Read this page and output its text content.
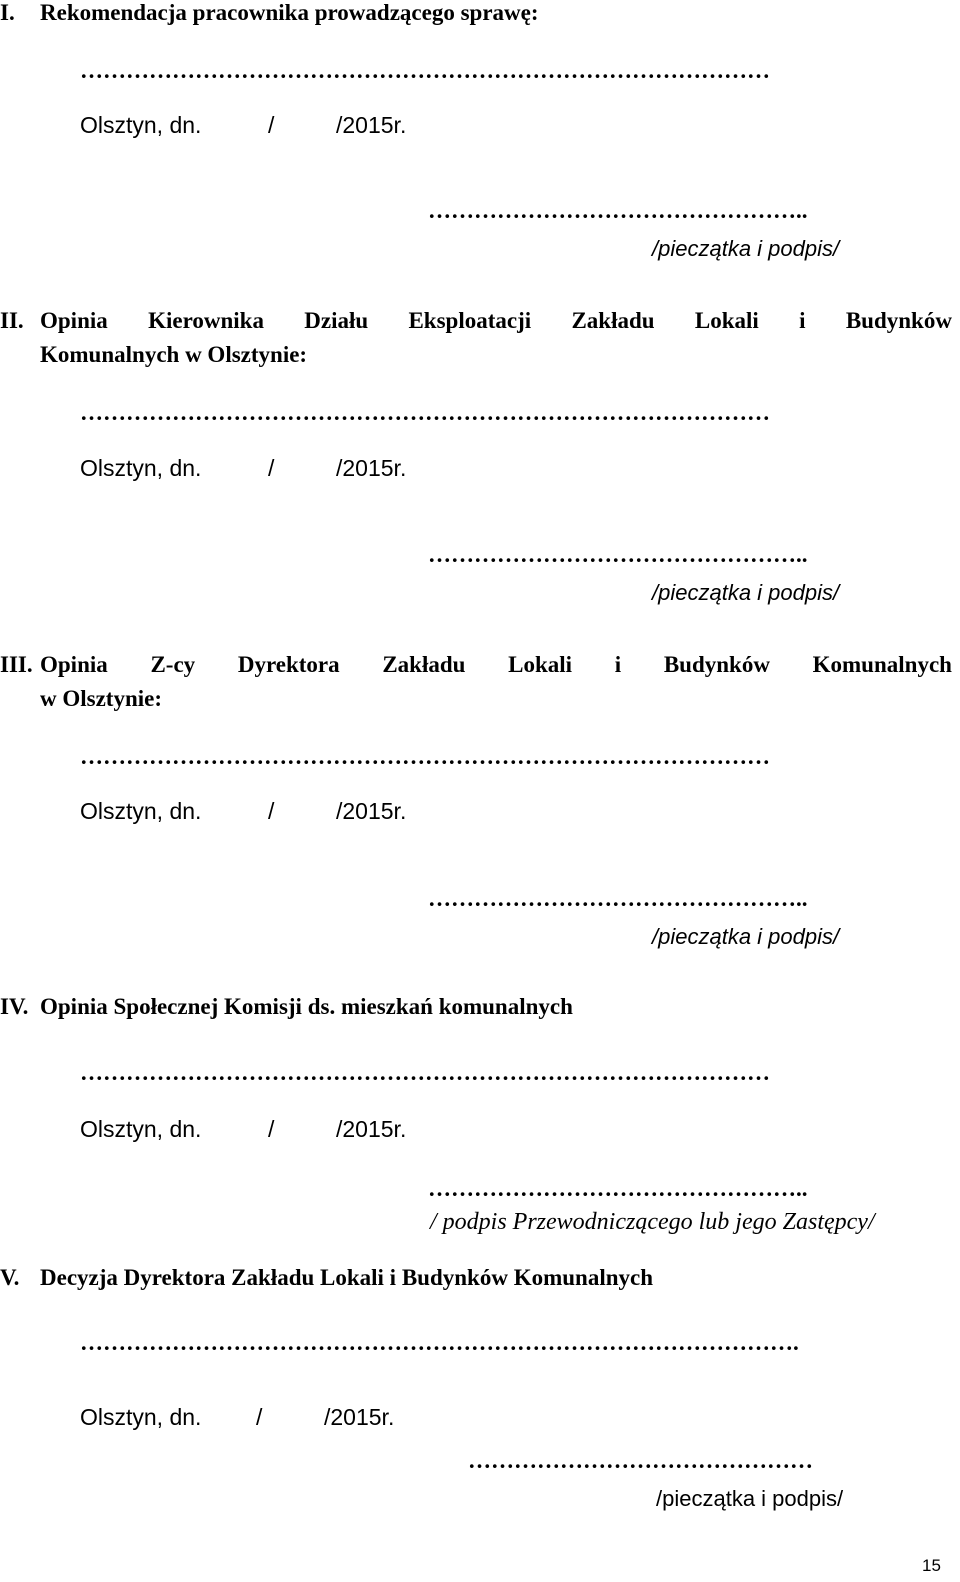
I. Rekomendacja pracownika prowadzącego sprawę:
………………………………………………………………………………
Olsztyn, dn.	/	/2015r.
…………………………………………..
/pieczątka i podpis/
II. Opinia Kierownika Działu Eksploatacji Zakładu Lokali i Budynków
Komunalnych w Olsztynie:
………………………………………………………………………………
Olsztyn, dn.	/	/2015r.
…………………………………………..
/pieczątka i podpis/
III. Opinia Z-cy Dyrektora Zakładu Lokali i Budynków Komunalnych
w Olsztynie:
………………………………………………………………………………
Olsztyn, dn.	/	/2015r.
…………………………………………..
/pieczątka i podpis/
IV. Opinia Społecznej Komisji ds. mieszkań komunalnych
………………………………………………………………………………
Olsztyn, dn.	/	/2015r.
…………………………………………..
/ podpis Przewodniczącego lub jego Zastępcy/
V. Decyzja Dyrektora Zakładu Lokali i Budynków Komunalnych
………………………………………………………………………………….
Olsztyn, dn. /	/2015r.
………………………………………
/pieczątka i podpis/
15
